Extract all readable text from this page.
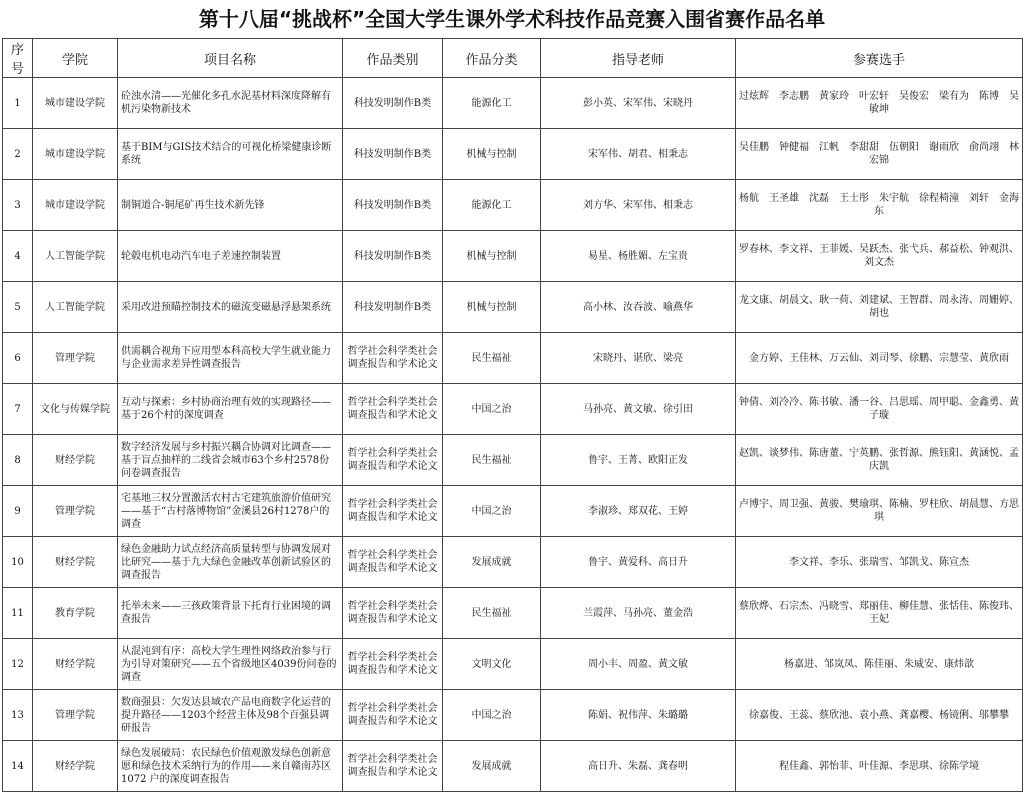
第十八届“挑战杯”全国大学生课外学术科技作品竞赛入围省赛作品名单
序号	学院	项目名称	作品类别	作品分类	指导老师	参赛选手
1	城市建设学院	砼浊水清——光催化多孔水泥基材料深度降解有机污染物新技术	科技发明制作B类	能源化工	彭小英、宋军伟、宋晓丹	过炫辉　李志鹏　黄家玲　叶宏轩　吴俊宏　梁有为　陈博　吴敏坤
2	城市建设学院	基于BIM与GIS技术结合的可视化桥梁健康诊断系统	科技发明制作B类	机械与控制	宋军伟、胡君、相秉志	吴佳鹏　钟健福　江帆　李甜甜　伍朝阳　谢雨欣　俞尚翊　林宏锦
3	城市建设学院	制铜道合-铜尾矿再生技术新先锋	科技发明制作B类	能源化工	刘方华、宋军伟、相秉志	杨航　王圣雄　沈磊　王士彤　朱宇航　徐程椅潼　刘轩　金海东
4	人工智能学院	轮毂电机电动汽车电子差速控制装置	科技发明制作B类	机械与控制	易星、杨胜媚、左宝贵	罗春林、李文祥、王菲媛、吴跃杰、张弋兵、郝益松、钟观洪、刘文杰
5	人工智能学院	采用改进预瞄控制技术的磁流变磁悬浮悬架系统	科技发明制作B类	机械与控制	高小林、汝吞波、喻燕华	龙文康、胡晨文、耿一荷、刘建斌、王智群、周永涛、周姗婷、胡也
6	管理学院	供需耦合视角下应用型本科高校大学生就业能力与企业需求差异性调查报告	哲学社会科学类社会调查报告和学术论文	民生福祉	宋晓丹、谌欣、梁亮	金方婷、王佳林、万云仙、刘司琴、徐鹏、宗慧莹、黄欣雨
7	文化与传媒学院	互动与探索：乡村协商治理有效的实现路径——基于26个村的深度调查	哲学社会科学类社会调查报告和学术论文	中国之治	马孙亮、黄文敏、徐引田	钟倩、刘冷冷、陈书敏、潘一谷、吕思瑶、周甲聪、金鑫勇、黄子璇
8	财经学院	数字经济发展与乡村振兴耦合协调对比调查——基于盲点抽样的二线省会城市63个乡村2578份问卷调查报告	哲学社会科学类社会调查报告和学术论文	民生福祉	鲁宇、王菁、欧阳正发	赵凯、谈梦伟、陈唐董、宁英鹏、张哲源、熊钰阳、黄涵悦、孟庆凯
9	管理学院	宅基地三权分置激活农村古宅建筑旅游价值研究——基于“古村落博物馆”金溪县26村1278户的调查	哲学社会科学类社会调查报告和学术论文	中国之治	李淑珍、郑双花、王婷	卢博宇、周卫强、黄骏、樊瑜琪、陈楠、罗柱欣、胡晨慧、方思琪
10	财经学院	绿色金融助力试点经济高质量转型与协调发展对比研究——基于九大绿色金融改革创新试验区的调查报告	哲学社会科学类社会调查报告和学术论文	发展成就	鲁宇、黄爱科、高日升	李文祥、李乐、张瑞雪、邹凯戈、陈宣杰
11	教育学院	托举未来——三孩政策背景下托育行业困境的调查报告	哲学社会科学类社会调查报告和学术论文	民生福祉	兰霞萍、马孙亮、董金浩	蔡欣烨、石宗杰、冯晓雪、郑丽佳、柳佳慧、张恬佳、陈俊玮、王妃
12	财经学院	从混沌到有序：高校大学生理性网络政治参与行为引导对策研究——五个省级地区4039份问卷的调查	哲学社会科学类社会调查报告和学术论文	文明文化	周小丰、周盈、黄文敏	杨嘉进、邹岚凤、陈佳丽、朱威安、康炜歆
13	管理学院	数商强县：欠发达县域农产品电商数字化运营的提升路径——1203个经营主体及98个百强县调研报告	哲学社会科学类社会调查报告和学术论文	中国之治	陈娟、祝伟萍、朱璐璐	徐嘉俊、王蕊、蔡欣池、袁小燕、龚嘉樱、杨镜俐、邬攀攀
14	财经学院	绿色发展破局：农民绿色价值观激发绿色创新意愿和绿色技术采纳行为的作用——来自赣南苏区 1072 户的深度调查报告	哲学社会科学类社会调查报告和学术论文	发展成就	高日升、朱磊、龚春明	程佳鑫、郭怡菲、叶佳源、李思琪、徐陈学境
